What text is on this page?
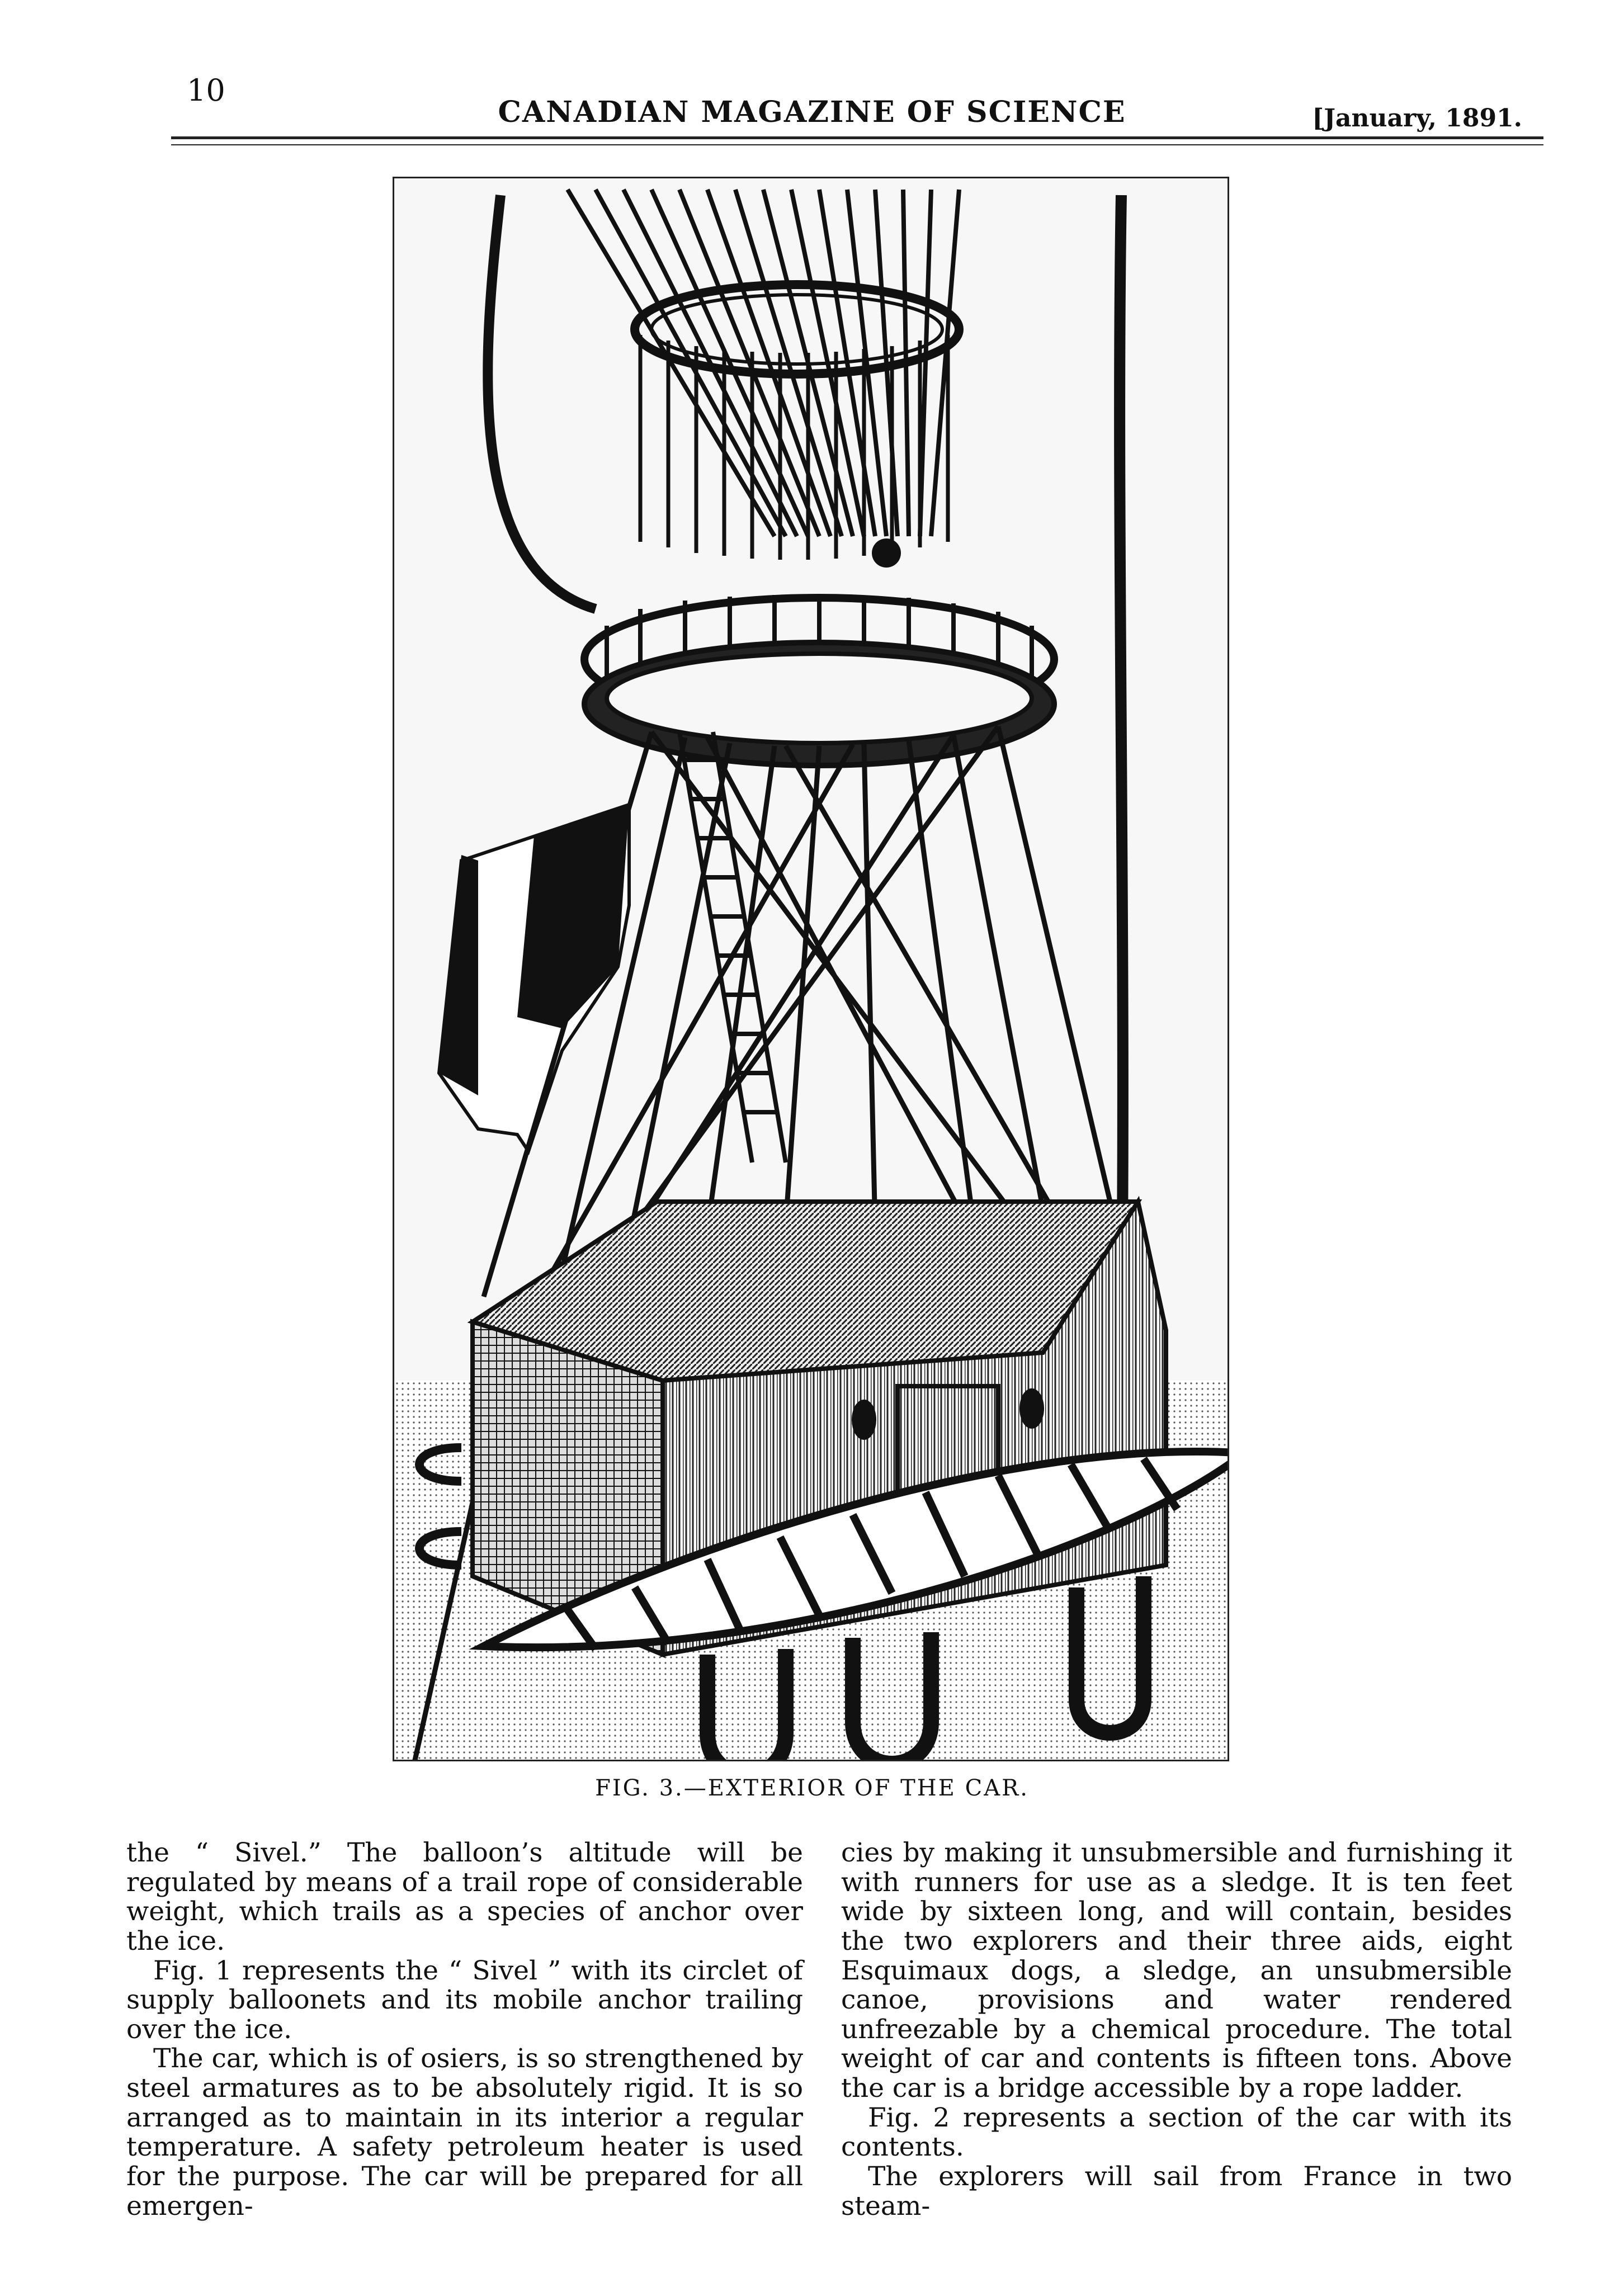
10
CANADIAN MAGAZINE OF SCIENCE	[January, 1891.
FIG. 3.—EXTERIOR OF THE CAR.

the “ Sivel.” The balloon’s altitude will be regulated by means of a trail rope of considerable weight, which trails as a species of anchor over the ice.

Fig. 1 represents the “ Sivel ” with its circlet of supply balloonets and its mobile anchor trailing over the ice.

The car, which is of osiers, is so strengthened by steel armatures as to be absolutely rigid. It is so arranged as to maintain in its interior a regular temperature. A safety petroleum heater is used for the purpose. The car will be prepared for all emergen-

cies by making it unsubmersible and furnishing it with runners for use as a sledge. It is ten feet wide by sixteen long, and will contain, besides the two explorers and their three aids, eight Esquimaux dogs, a sledge, an unsubmersible canoe, provisions and water rendered unfreezable by a chemical procedure. The total weight of car and contents is fifteen tons. Above the car is a bridge accessible by a rope ladder.

Fig. 2 represents a section of the car with its contents.

The explorers will sail from France in two steam-
